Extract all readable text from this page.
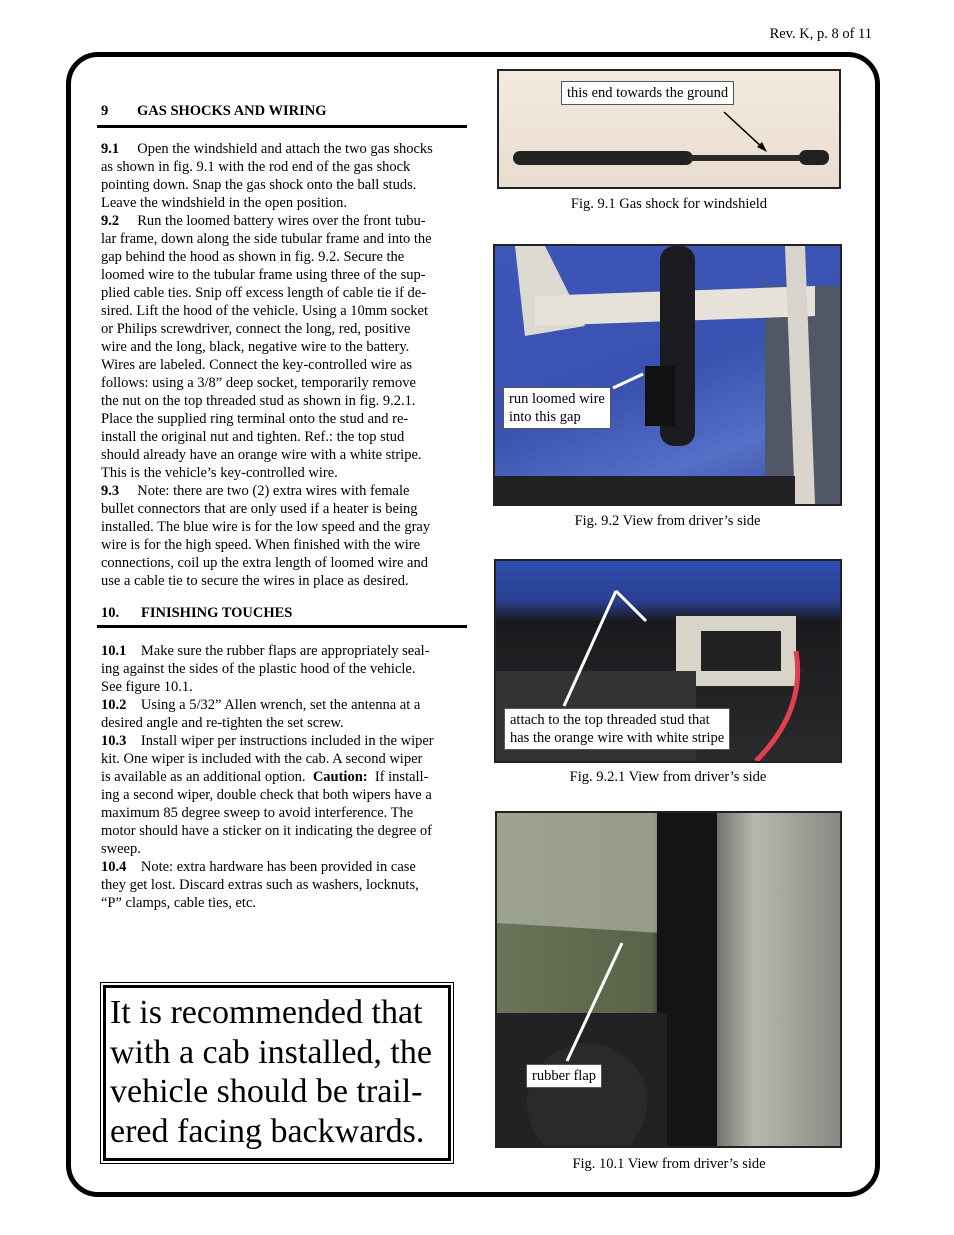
Rev. K, p. 8 of 11
9 GAS SHOCKS AND WIRING
9.1     Open the windshield and attach the two gas shocks
as shown in fig. 9.1 with the rod end of the gas shock
pointing down. Snap the gas shock onto the ball studs.
Leave the windshield in the open position.
9.2     Run the loomed battery wires over the front tubu-
lar frame, down along the side tubular frame and into the
gap behind the hood as shown in fig. 9.2. Secure the
loomed wire to the tubular frame using three of the sup-
plied cable ties. Snip off excess length of cable tie if de-
sired. Lift the hood of the vehicle. Using a 10mm socket
or Philips screwdriver, connect the long, red, positive
wire and the long, black, negative wire to the battery.
Wires are labeled. Connect the key-controlled wire as
follows: using a 3/8” deep socket, temporarily remove
the nut on the top threaded stud as shown in fig. 9.2.1.
Place the supplied ring terminal onto the stud and re-
install the original nut and tighten. Ref.: the top stud
should already have an orange wire with a white stripe.
This is the vehicle’s key-controlled wire.
9.3     Note: there are two (2) extra wires with female
bullet connectors that are only used if a heater is being
installed. The blue wire is for the low speed and the gray
wire is for the high speed. When finished with the wire
connections, coil up the extra length of loomed wire and
use a cable tie to secure the wires in place as desired.
10. FINISHING TOUCHES
10.1    Make sure the rubber flaps are appropriately seal-
ing against the sides of the plastic hood of the vehicle.
See figure 10.1.
10.2    Using a 5/32” Allen wrench, set the antenna at a
desired angle and re-tighten the set screw.
10.3    Install wiper per instructions included in the wiper
kit. One wiper is included with the cab. A second wiper
is available as an additional option.  Caution:  If install-
ing a second wiper, double check that both wipers have a
maximum 85 degree sweep to avoid interference. The
motor should have a sticker on it indicating the degree of
sweep.
10.4    Note: extra hardware has been provided in case
they get lost. Discard extras such as washers, locknuts,
“P” clamps, cable ties, etc.
It is recommended that
with a cab installed, the
vehicle should be trail-
ered facing backwards.
this end towards the ground
Fig. 9.1 Gas shock for windshield
run loomed wire
into this gap
Fig. 9.2 View from driver’s side
attach to the top threaded stud that
has the orange wire with white stripe
Fig. 9.2.1 View from driver’s side
rubber flap
Fig. 10.1 View from driver’s side
